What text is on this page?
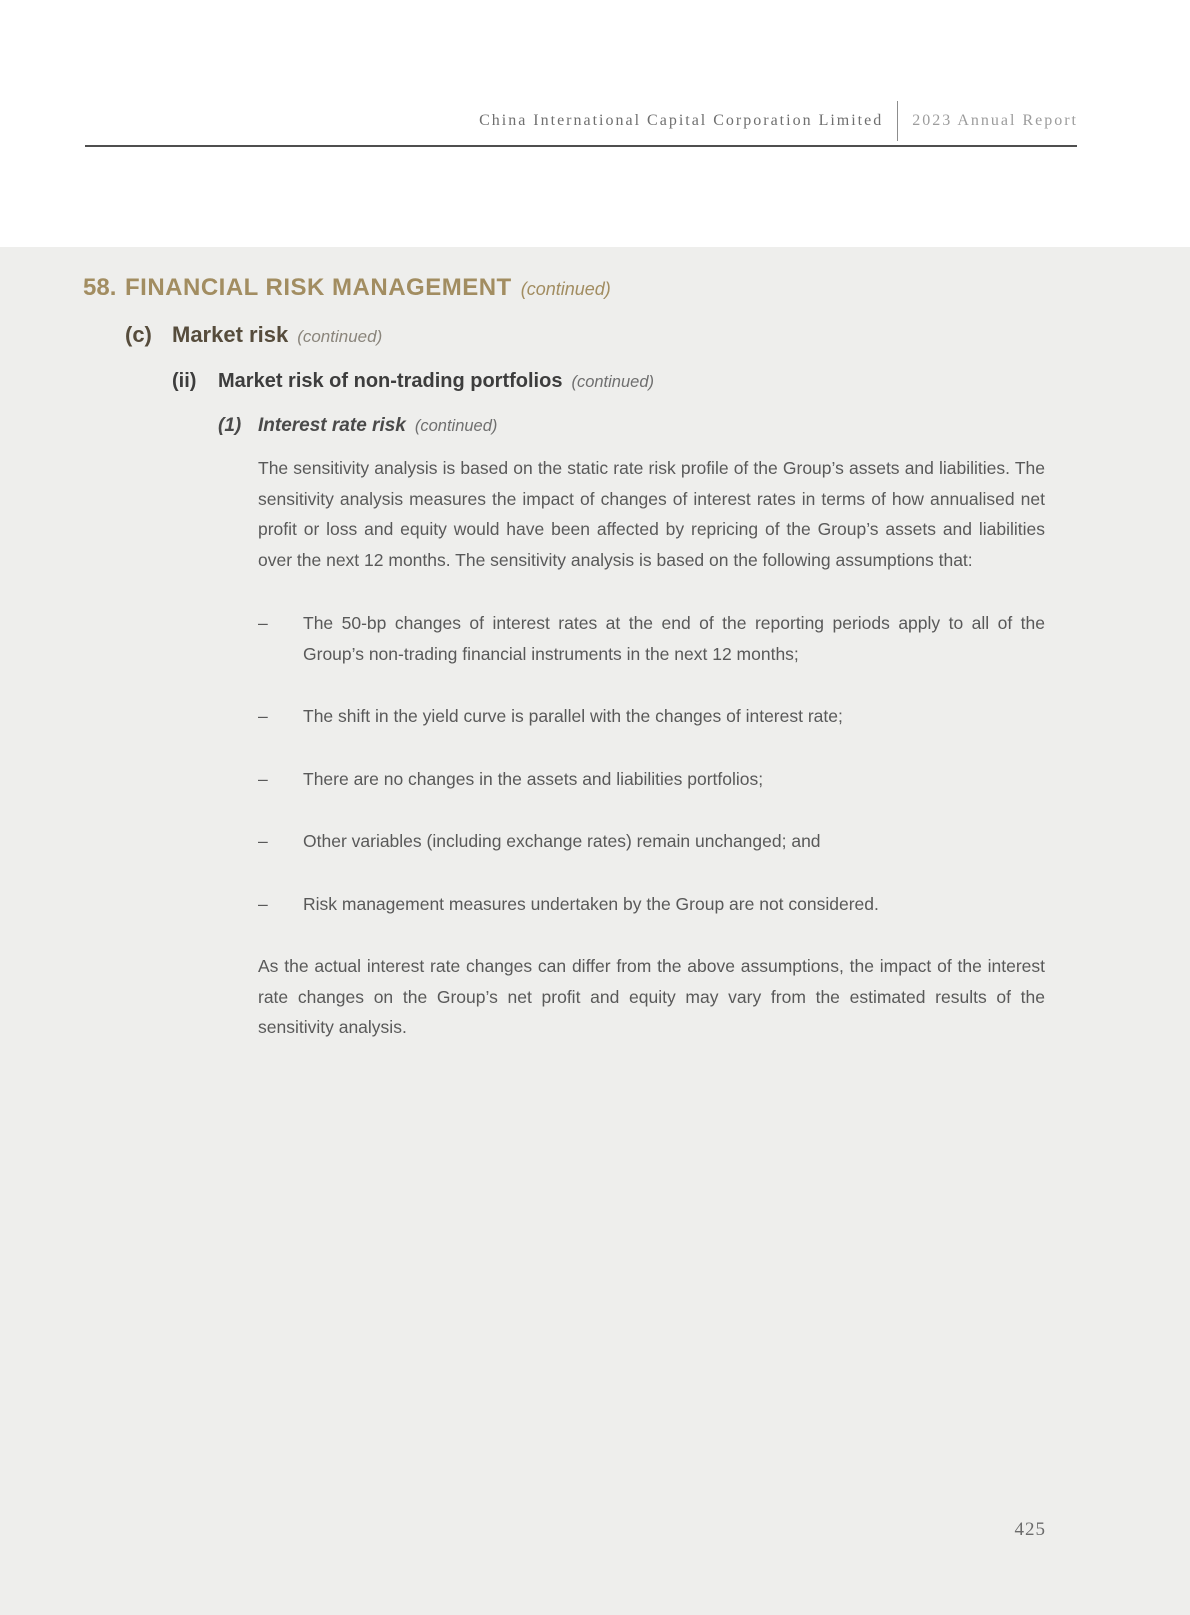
China International Capital Corporation Limited 2023 Annual Report
58. FINANCIAL RISK MANAGEMENT (continued)
(c) Market risk (continued)
(ii)	Market risk of non-trading portfolios (continued)
(1) Interest rate risk (continued)

The sensitivity analysis is based on the static rate risk profile of the Group’s assets and liabilities. The sensitivity analysis measures the impact of changes of interest rates in terms of how annualised net profit or loss and equity would have been affected by repricing of the Group’s assets and liabilities over the next 12 months. The sensitivity analysis is based on the following assumptions that:

–	The 50-bp changes of interest rates at the end of the reporting periods apply to all of the Group’s non-trading financial instruments in the next 12 months;
–	The shift in the yield curve is parallel with the changes of interest rate;
–	There are no changes in the assets and liabilities portfolios;
–	Other variables (including exchange rates) remain unchanged; and
–	Risk management measures undertaken by the Group are not considered.

As the actual interest rate changes can differ from the above assumptions, the impact of the interest rate changes on the Group’s net profit and equity may vary from the estimated results of the sensitivity analysis.

425
